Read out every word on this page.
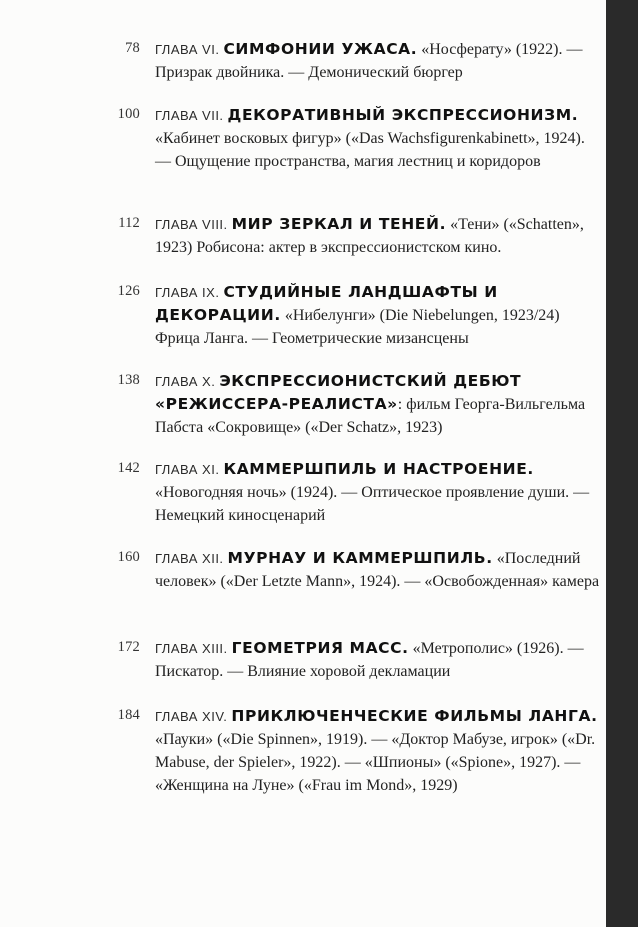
78 ГЛАВА VI. СИМФОНИИ УЖАСА. «Носферату» (1922). — Призрак двойника. — Демонический бюргер
100 ГЛАВА VII. ДЕКОРАТИВНЫЙ ЭКСПРЕССИОНИЗМ. «Кабинет восковых фигур» («Das Wachsfigurenkabinett», 1924). — Ощущение пространства, магия лестниц и коридоров
112 ГЛАВА VIII. МИР ЗЕРКАЛ И ТЕНЕЙ. «Тени» («Schatten», 1923) Робисона: актер в экспрессионистском кино.
126 ГЛАВА IX. СТУДИЙНЫЕ ЛАНДШАФТЫ И ДЕКОРАЦИИ. «Нибелунги» (Die Niebelungen, 1923/24) Фрица Ланга. — Геометрические мизансцены
138 ГЛАВА X. ЭКСПРЕССИОНИСТСКИЙ ДЕБЮТ «РЕЖИССЕРА-РЕАЛИСТА»: фильм Георга-Вильгельма Пабста «Сокровище» («Der Schatz», 1923)
142 ГЛАВА XI. КАММЕРШПИЛЬ И НАСТРОЕНИЕ. «Новогодняя ночь» (1924). — Оптическое проявление души. — Немецкий киносценарий
160 ГЛАВА XII. МУРНАУ И КАММЕРШПИЛЬ. «Последний человек» («Der Letzte Mann», 1924). — «Освобожденная» камера
172 ГЛАВА XIII. ГЕОМЕТРИЯ МАСС. «Метрополис» (1926). — Пискатор. — Влияние хоровой декламации
184 ГЛАВА XIV. ПРИКЛЮЧЕНЧЕСКИЕ ФИЛЬМЫ ЛАНГА. «Пауки» («Die Spinnen», 1919). — «Доктор Мабузе, игрок» («Dr. Mabuse, der Spieler», 1922). — «Шпионы» («Spione», 1927). — «Женщина на Луне» («Frau im Mond», 1929)
